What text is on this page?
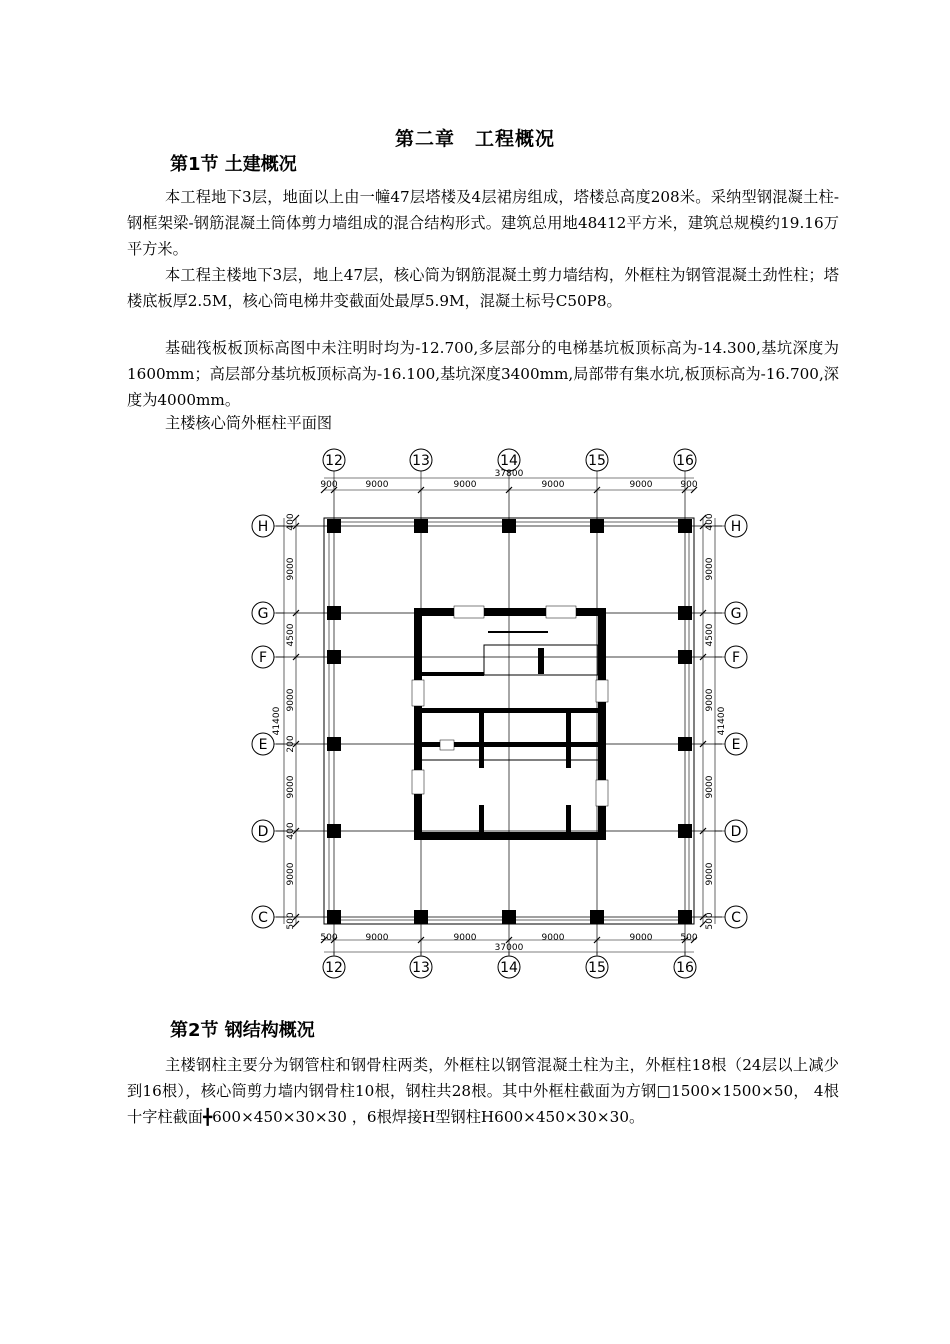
第二章　工程概况
第1节 土建概况

本工程地下3层，地面以上由一幢47层塔楼及4层裙房组成，塔楼总高度208米。采纳型钢混凝土柱-钢框架梁-钢筋混凝土筒体剪力墙组成的混合结构形式。建筑总用地48412平方米，建筑总规模约19.16万平方米。

本工程主楼地下3层，地上47层，核心筒为钢筋混凝土剪力墙结构，外框柱为钢管混凝土劲性柱；塔楼底板厚2.5M，核心筒电梯井变截面处最厚5.9M，混凝土标号C50P8。

基础筏板板顶标高图中未注明时均为-12.700,多层部分的电梯基坑板顶标高为-14.300,基坑深度为1600mm；高层部分基坑板顶标高为-16.100,基坑深度3400mm,局部带有集水坑,板顶标高为-16.700,深度为4000mm。

主楼核心筒外框柱平面图
12
12
13
13
14
14
15
15
16
16
H	H
G	G
F	F
E	E
D	D
C	C
900	9000	9000	9000	9000	900
37800
500	9000	9000	9000	9000	500
37000
400
9000
4500
9000
200
9000
400
9000
500
41400
400
9000
4500
9000
9000
9000
500
41400
第2节 钢结构概况

主楼钢柱主要分为钢管柱和钢骨柱两类，外框柱以钢管混凝土柱为主，外框柱18根（24层以上减少到16根），核心筒剪力墙内钢骨柱10根，钢柱共28根。其中外框柱截面为方钢□1500×1500×50， 4根十字柱截面╋600×450×30×30 ，6根焊接H型钢柱H600×450×30×30。
